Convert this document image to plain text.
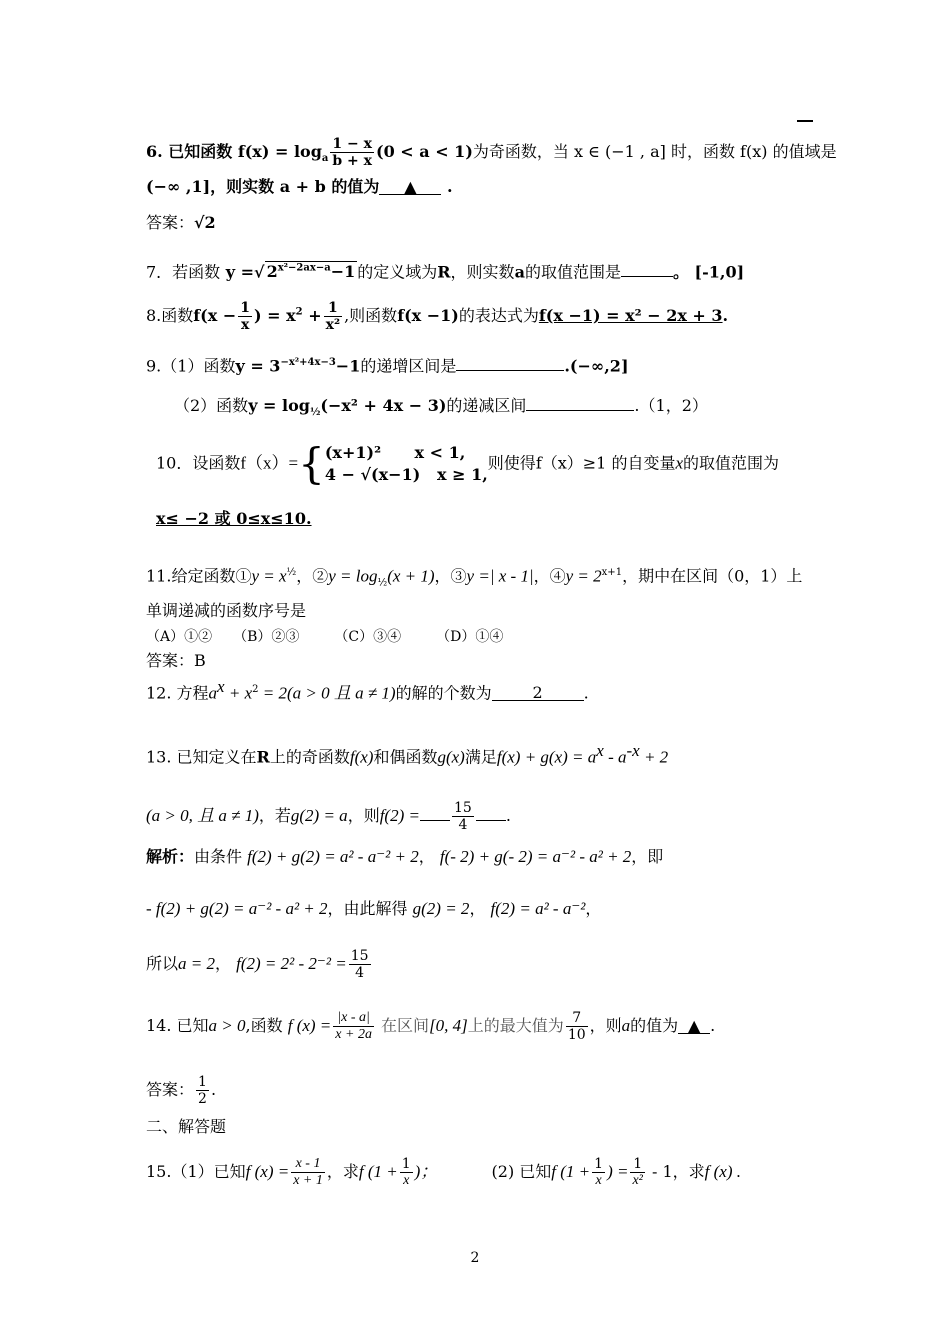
6. 已知函数 $f(x) = \log_a \frac{1 - x}{b + x} (0 < a < 1)$为奇函数，当 x ∈ (−1 , a] 时，函数 f(x) 的值域是
(−∞ ,1]，则实数 a + b 的值为 ▲ .
答案：√2
7．若函数 y =√ $2^{x^2-2ax-a}-1$ 的定义域为R，则实数a的取值范围是	。 [-1,0]
8.函数$f(x - \frac{1}{x}$ ) = $x^2 + \frac{1}{\text{x²}}$ ,则函数f(x −1)的表达式为f(x −1) = x² − 2x + 3.
9.（1）函数$y = 3^{-x^2+4x-3}-1$的递增区间是	.(−∞,2]
（2）函数$y = \log_{\frac{1}{2}}(-x^2 + 4x - 3)$的递减区间	.（1，2）
10．设函数f（x）={(x+1)² x < 1,
4 − √(x−1) x ≥ 1,则使得f（x）≥1 的自变量x的取值范围为
x≤ −2 或 0≤x≤10.
11.给定函数①y = $x^{\frac{1}{2}}$，②y = $\log_{\frac{1}{2}}(x + 1)$，③y =| x - 1|，④y = $2^{x+1}$，期中在区间（0，1）上
单调递减的函数序号是
（A）①②　　（B）②③　　　（C）③④　　　（D）①④
答案：B
12. 方程$a^x + x^2 = 2(a > 0$ 且 a ≠ 1)的解的个数为	2	.
13. 已知定义在R上的奇函数f(x)和偶函数g(x)满足$f(x) + g(x) = a^x - a^{-x} + 2$
(a > 0, 且 a ≠ 1)，若g(2) = a，则$f(2) = \frac{15}{4}$ .
解析：由条件 f(2) + g(2) = a² - a⁻² + 2， f(- 2) + g(- 2) = a⁻² - a² + 2，即
- f(2) + g(2) = a⁻² - a² + 2，由此解得 g(2) = 2， f(2) = a² - a⁻²，
所以a = 2， $f(2) = 2^2 - 2^{-2} = \frac{15}{4}$
14. 已知a > 0,函数 f $(x) = \frac{|x - a|}{x + 2a}$ 在区间[0, 4]上的最大值为 $\frac{7}{10}$ ，则a的值为 ▲ .
答案： $\frac{1}{2}$ .
二、解答题
15.（1）已知f $(x) = \frac{x - 1}{x + 1}$ ，求f ($1 + \frac{1}{x}$ )；	(2) 已知f ($1 + \frac{1}{x}$ ) = $\frac{1}{\text{x²}} - 1$，求f (x) .
2
